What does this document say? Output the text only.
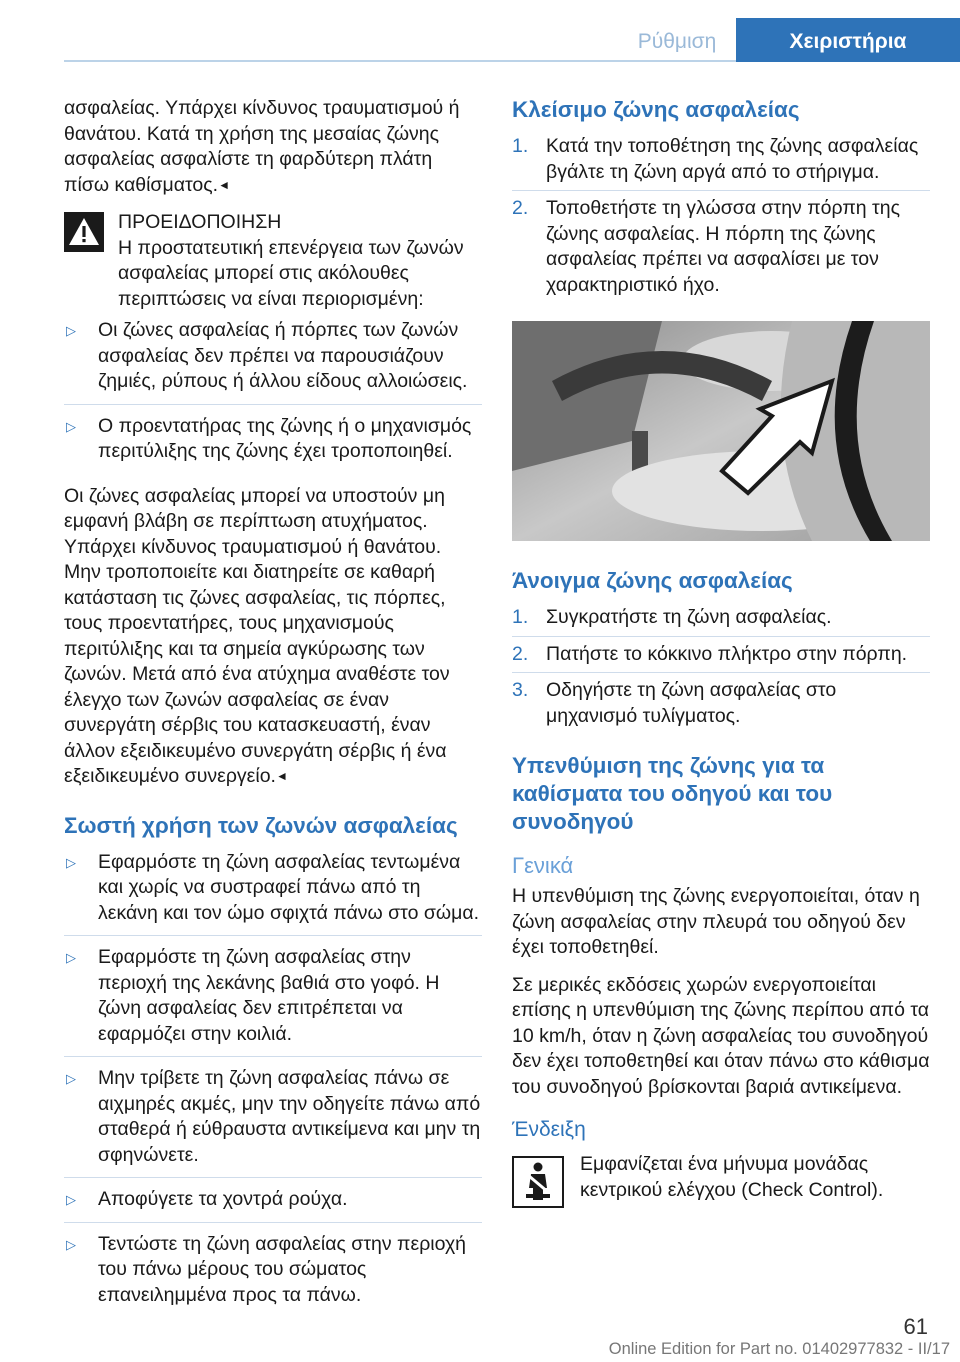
Ρύθμιση	Χειριστήρια

ασφαλείας. Υπάρχει κίνδυνος τραυματισμού ή θανάτου. Κατά τη χρήση της μεσαίας ζώνης ασφαλείας ασφαλίστε τη φαρδύτερη πλάτη πίσω καθίσματος.◄

ΠΡΟΕΙΔΟΠΟΙΗΣΗ
Η προστατευτική επενέργεια των ζωνών ασφαλείας μπορεί στις ακόλουθες περιπτώσεις να είναι περιορισμένη:
▷ Οι ζώνες ασφαλείας ή πόρπες των ζωνών ασφαλείας δεν πρέπει να παρουσιάζουν ζημιές, ρύπους ή άλλου είδους αλλοιώσεις.
▷ Ο προεντατήρας της ζώνης ή ο μηχανισμός περιτύλιξης της ζώνης έχει τροποποιηθεί.

Οι ζώνες ασφαλείας μπορεί να υποστούν μη εμφανή βλάβη σε περίπτωση ατυχήματος. Υπάρχει κίνδυνος τραυματισμού ή θανάτου. Μην τροποποιείτε και διατηρείτε σε καθαρή κατάσταση τις ζώνες ασφαλείας, τις πόρπες, τους προεντατήρες, τους μηχανισμούς περιτύλιξης και τα σημεία αγκύρωσης των ζωνών. Μετά από ένα ατύχημα αναθέστε τον έλεγχο των ζωνών ασφαλείας σε έναν συνεργάτη σέρβις του κατασκευαστή, έναν άλλον εξειδικευμένο συνεργάτη σέρβις ή ένα εξειδικευμένο συνεργείο.◄

Σωστή χρήση των ζωνών ασφαλείας
▷ Εφαρμόστε τη ζώνη ασφαλείας τεντωμένα και χωρίς να συστραφεί πάνω από τη λεκάνη και τον ώμο σφιχτά πάνω στο σώμα.
▷ Εφαρμόστε τη ζώνη ασφαλείας στην περιοχή της λεκάνης βαθιά στο γοφό. Η ζώνη ασφαλείας δεν επιτρέπεται να εφαρμόζει στην κοιλιά.
▷ Μην τρίβετε τη ζώνη ασφαλείας πάνω σε αιχμηρές ακμές, μην την οδηγείτε πάνω από σταθερά ή εύθραυστα αντικείμενα και μην τη σφηνώνετε.
▷ Αποφύγετε τα χοντρά ρούχα.
▷ Τεντώστε τη ζώνη ασφαλείας στην περιοχή του πάνω μέρους του σώματος επανειλημμένα προς τα πάνω.
Κλείσιμο ζώνης ασφαλείας
1. Κατά την τοποθέτηση της ζώνης ασφαλείας βγάλτε τη ζώνη αργά από το στήριγμα.
2. Τοποθετήστε τη γλώσσα στην πόρπη της ζώνης ασφαλείας. Η πόρπη της ζώνης ασφαλείας πρέπει να ασφαλίσει με τον χαρακτηριστικό ήχο.
Άνοιγμα ζώνης ασφαλείας
1. Συγκρατήστε τη ζώνη ασφαλείας.
2. Πατήστε το κόκκινο πλήκτρο στην πόρπη.
3. Οδηγήστε τη ζώνη ασφαλείας στο μηχανισμό τυλίγματος.
Υπενθύμιση της ζώνης για τα καθίσματα του οδηγού και του συνοδηγού
Γενικά

Η υπενθύμιση της ζώνης ενεργοποιείται, όταν η ζώνη ασφαλείας στην πλευρά του οδηγού δεν έχει τοποθετηθεί.

Σε μερικές εκδόσεις χωρών ενεργοποιείται επίσης η υπενθύμιση της ζώνης περίπου από τα 10 km/h, όταν η ζώνη ασφαλείας του συνοδηγού δεν έχει τοποθετηθεί και όταν πάνω στο κάθισμα του συνοδηγού βρίσκονται βαριά αντικείμενα.

Ένδειξη
Εμφανίζεται ένα μήνυμα μονάδας κεντρικού ελέγχου (Check Control).
61
Online Edition for Part no. 01402977832 - II/17
